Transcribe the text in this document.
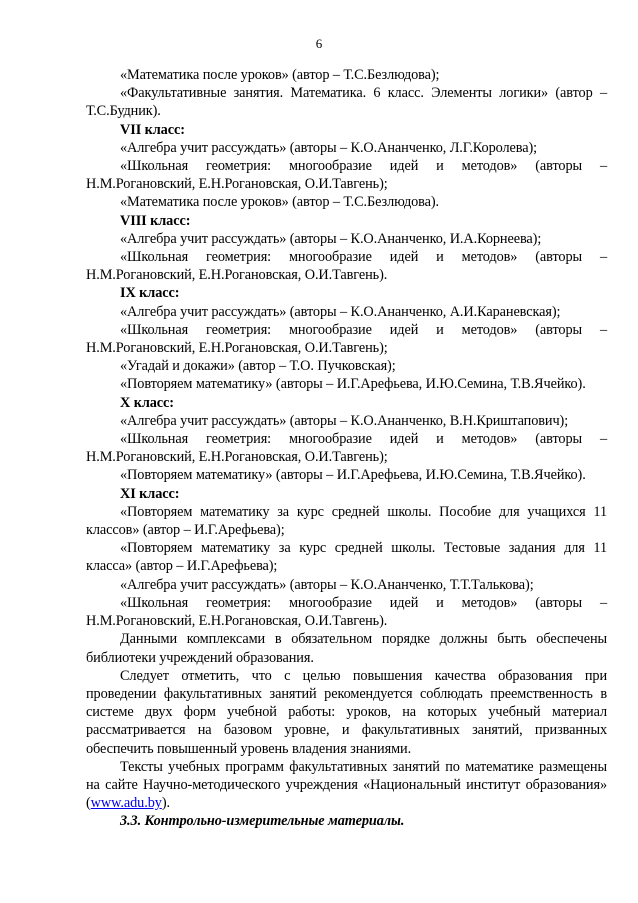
6

«Математика после уроков» (автор – Т.С.Безлюдова);

«Факультативные занятия. Математика. 6 класс. Элементы логики» (автор – Т.С.Будник).

VII класс:

«Алгебра учит рассуждать» (авторы – К.О.Ананченко, Л.Г.Королева);

«Школьная геометрия: многообразие идей и методов» (авторы – Н.М.Рогановский, Е.Н.Рогановская, О.И.Тавгень);

«Математика после уроков» (автор – Т.С.Безлюдова).

VIII класс:

«Алгебра учит рассуждать» (авторы – К.О.Ананченко, И.А.Корнеева);

«Школьная геометрия: многообразие идей и методов» (авторы – Н.М.Рогановский, Е.Н.Рогановская, О.И.Тавгень).

IX класс:

«Алгебра учит рассуждать» (авторы – К.О.Ананченко, А.И.Караневская);

«Школьная геометрия: многообразие идей и методов» (авторы – Н.М.Рогановский, Е.Н.Рогановская, О.И.Тавгень);

«Угадай и докажи» (автор – Т.О. Пучковская);

«Повторяем математику» (авторы – И.Г.Арефьева, И.Ю.Семина, Т.В.Ячейко).

X класс:

«Алгебра учит рассуждать» (авторы – К.О.Ананченко, В.Н.Криштапович);

«Школьная геометрия: многообразие идей и методов» (авторы – Н.М.Рогановский, Е.Н.Рогановская, О.И.Тавгень);

«Повторяем математику» (авторы – И.Г.Арефьева, И.Ю.Семина, Т.В.Ячейко).

XI класс:

«Повторяем математику за курс средней школы. Пособие для учащихся 11 классов» (автор – И.Г.Арефьева);

«Повторяем математику за курс средней школы. Тестовые задания для 11 класса» (автор – И.Г.Арефьева);

«Алгебра учит рассуждать» (авторы – К.О.Ананченко, Т.Т.Талькова);

«Школьная геометрия: многообразие идей и методов» (авторы – Н.М.Рогановский, Е.Н.Рогановская, О.И.Тавгень).

Данными комплексами в обязательном порядке должны быть обеспечены библиотеки учреждений образования.

Следует отметить, что с целью повышения качества образования при проведении факультативных занятий рекомендуется соблюдать преемственность в системе двух форм учебной работы: уроков, на которых учебный материал рассматривается на базовом уровне, и факультативных занятий, призванных обеспечить повышенный уровень владения знаниями.

Тексты учебных программ факультативных занятий по математике размещены на сайте Научно-методического учреждения «Национальный институт образования» (www.adu.by).

3.3. Контрольно-измерительные материалы.
